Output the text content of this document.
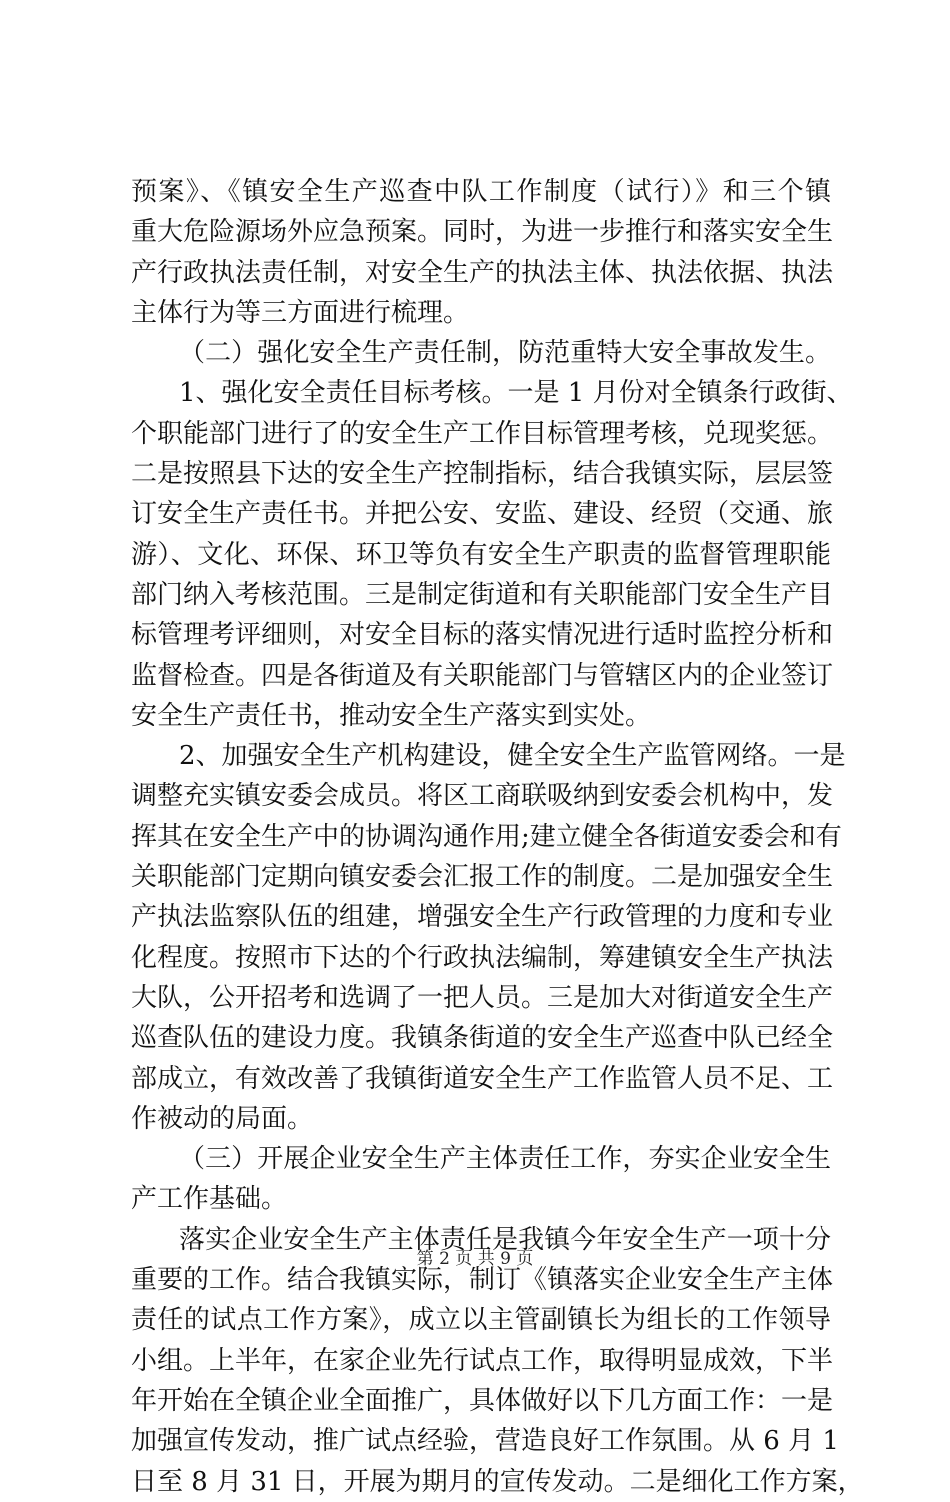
预案》、《镇安全生产巡查中队工作制度（试行）》和三个镇
重大危险源场外应急预案。同时，为进一步推行和落实安全生
产行政执法责任制，对安全生产的执法主体、执法依据、执法
主体行为等三方面进行梳理。
（二）强化安全生产责任制，防范重特大安全事故发生。
1、强化安全责任目标考核。一是 1 月份对全镇条行政街、
个职能部门进行了的安全生产工作目标管理考核，兑现奖惩。
二是按照县下达的安全生产控制指标，结合我镇实际，层层签
订安全生产责任书。并把公安、安监、建设、经贸（交通、旅
游）、文化、环保、环卫等负有安全生产职责的监督管理职能
部门纳入考核范围。三是制定街道和有关职能部门安全生产目
标管理考评细则，对安全目标的落实情况进行适时监控分析和
监督检查。四是各街道及有关职能部门与管辖区内的企业签订
安全生产责任书，推动安全生产落实到实处。
2、加强安全生产机构建设，健全安全生产监管网络。一是
调整充实镇安委会成员。将区工商联吸纳到安委会机构中，发
挥其在安全生产中的协调沟通作用;建立健全各街道安委会和有
关职能部门定期向镇安委会汇报工作的制度。二是加强安全生
产执法监察队伍的组建，增强安全生产行政管理的力度和专业
化程度。按照市下达的个行政执法编制，筹建镇安全生产执法
大队，公开招考和选调了一把人员。三是加大对街道安全生产
巡查队伍的建设力度。我镇条街道的安全生产巡查中队已经全
部成立，有效改善了我镇街道安全生产工作监管人员不足、工
作被动的局面。
（三）开展企业安全生产主体责任工作，夯实企业安全生
产工作基础。
落实企业安全生产主体责任是我镇今年安全生产一项十分
重要的工作。结合我镇实际，制订《镇落实企业安全生产主体
责任的试点工作方案》，成立以主管副镇长为组长的工作领导
小组。上半年，在家企业先行试点工作，取得明显成效，下半
年开始在全镇企业全面推广，具体做好以下几方面工作：一是
加强宣传发动，推广试点经验，营造良好工作氛围。从 6 月 1
日至 8 月 31 日，开展为期月的宣传发动。二是细化工作方案，
第 2 页 共 9 页
